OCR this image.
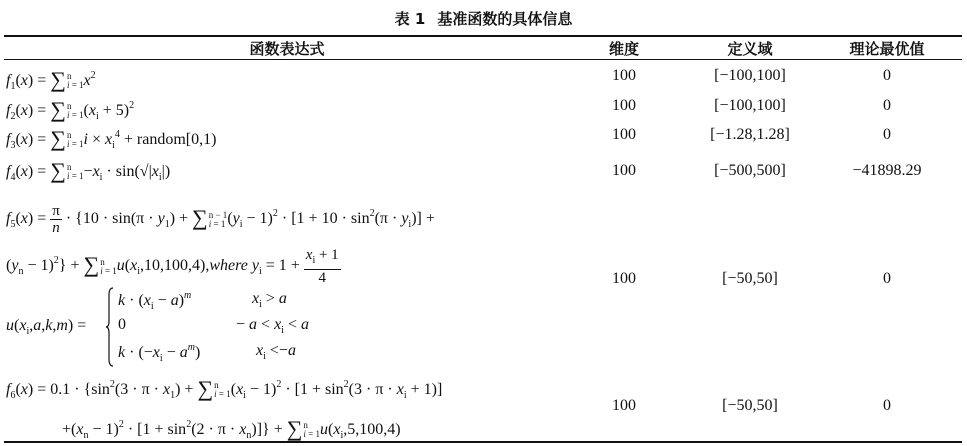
表 1 基准函数的具体信息
函数表达式	维度	定义域	理论最优值
$f_1(x) = \sum n$
$i = 1x^2$	100	[−100,100]	0
$f_2(x) = \sum n$
$i = 1(x_i + 5)^2$	100	[−100,100]	0
$f_3(x) = \sum n$
$i = 1i \times x_i^4$ + random[0,1)	100	[−1.28,1.28]	0
$f_4(x) = \sum n$
$i = 1-x_i \cdot \sin(√|x_i|)$	100	[−500,500]	−41898.29
$f_5(x) = \frac{\pi}{n} \cdot \{10 \cdot \sin(\pi \cdot y_1) + \sum n - 1$
i = 1 $(y_i - 1)^2 \cdot [1 + 10 \cdot \sin^2(\pi \cdot y_i)]$ +
$(y_n - 1)^2\} + \sum n$
$i = 1u(x_i,10,100,4),where$ $y_i = 1 + \frac{x_i + 1}{4}$
$u(x_i,a,k,m)$ =
$k \cdot (x_i - a)^m$	$x_i > a$
0	− $a < x_i < a$
$k \cdot (-x_i - a^m)$	$x_i <-a$
100	[−50,50]	0
$f_6(x) = 0.1 \cdot \{\sin^2(3 \cdot \pi \cdot x_1) + \sum n$
$i = 1(x_i - 1)^2 \cdot [1 + \sin^2(3 \cdot \pi \cdot x_i + 1)]$
$+(x_n - 1)^2 \cdot [1 + \sin^2(2 \cdot \pi \cdot x_n)]\} + \sum n$
$i = 1u(x_i,5,100,4)$
100	[−50,50]	0
